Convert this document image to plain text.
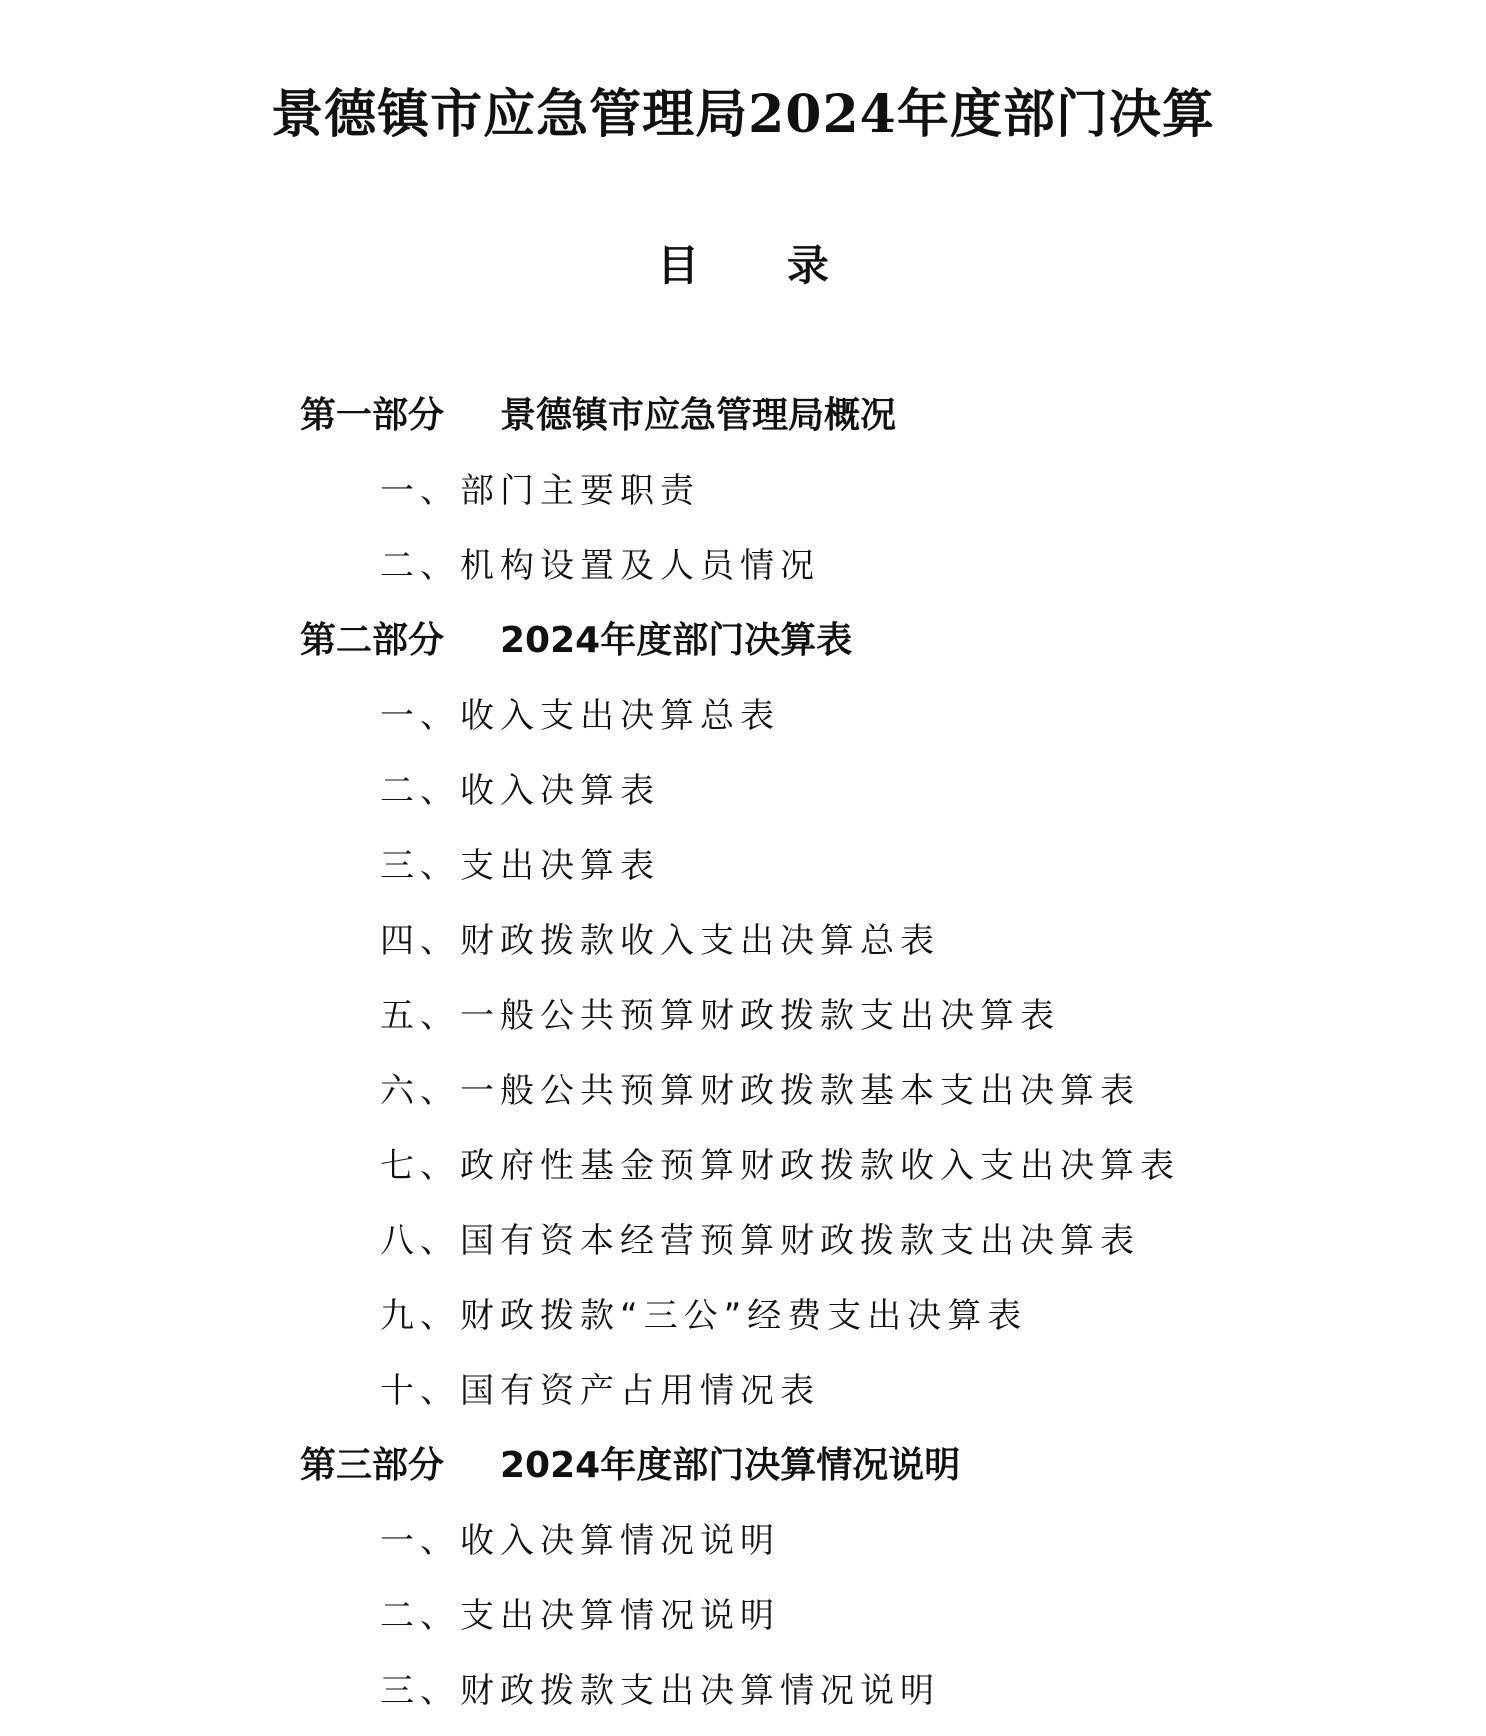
景德镇市应急管理局2024年度部门决算
目      录
第一部分 景德镇市应急管理局概况
一、部门主要职责
二、机构设置及人员情况
第二部分 2024年度部门决算表
一、收入支出决算总表
二、收入决算表
三、支出决算表
四、财政拨款收入支出决算总表
五、一般公共预算财政拨款支出决算表
六、一般公共预算财政拨款基本支出决算表
七、政府性基金预算财政拨款收入支出决算表
八、国有资本经营预算财政拨款支出决算表
九、财政拨款“三公”经费支出决算表
十、国有资产占用情况表
第三部分 2024年度部门决算情况说明
一、收入决算情况说明
二、支出决算情况说明
三、财政拨款支出决算情况说明
